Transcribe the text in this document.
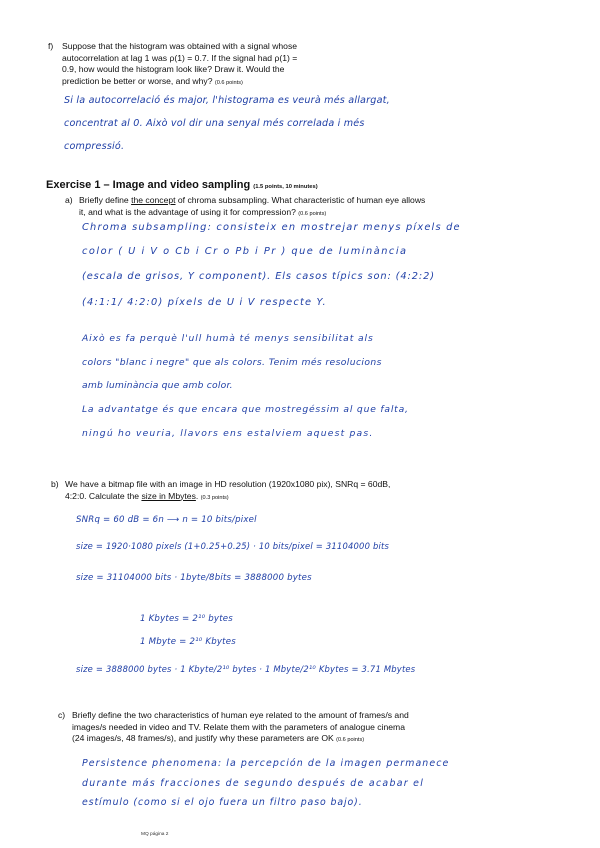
f) Suppose that the histogram was obtained with a signal whose
autocorrelation at lag 1 was ρ(1) = 0.7. If the signal had ρ(1) =
0.9, how would the histogram look like? Draw it. Would the
prediction be better or worse, and why? (0.6 points)
Si la autocorrelació és major, l'histograma es veurà més allargat,
concentrat al 0. Això vol dir una senyal més correlada i més
compressió.
Exercise 1 – Image and video sampling (1.5 points, 10 minutes)
a) Briefly define the concept of chroma subsampling. What characteristic of human eye allows
it, and what is the advantage of using it for compression? (0.6 points)
Chroma subsampling: consisteix en mostrejar menys píxels de
color ( U i V o Cb i Cr o Pb i Pr ) que de luminància
(escala de grisos, Y component). Els casos típics son: (4:2:2)
(4:1:1/ 4:2:0) píxels de U i V respecte Y.
Això es fa perquè l'ull humà té menys sensibilitat als
colors "blanc i negre" que als colors. Tenim més resolucions
amb luminància que amb color.
La advantatge és que encara que mostregéssim al que falta,
ningú ho veuria, llavors ens estalviem aquest pas.
b) We have a bitmap file with an image in HD resolution (1920x1080 pix), SNRq = 60dB,
4:2:0. Calculate the size in Mbytes. (0.3 points)
SNRq = 60 dB = 6n ⟶ n = 10 bits/pixel
size = 1920·1080 pixels (1+0.25+0.25) · 10 bits/pixel = 31104000 bits
size = 31104000 bits · 1byte/8bits = 3888000 bytes
1 Kbytes = 2¹⁰ bytes
1 Mbyte = 2¹⁰ Kbytes
size = 3888000 bytes · 1 Kbyte/2¹⁰ bytes · 1 Mbyte/2¹⁰ Kbytes = 3.71 Mbytes
c) Briefly define the two characteristics of human eye related to the amount of frames/s and
images/s needed in video and TV. Relate them with the parameters of analogue cinema
(24 images/s, 48 frames/s), and justify why these parameters are OK (0.6 points)
Persistence phenomena: la percepción de la imagen permanece
durante más fracciones de segundo después de acabar el
estímulo (como si el ojo fuera un filtro paso bajo).
MQ página 2
